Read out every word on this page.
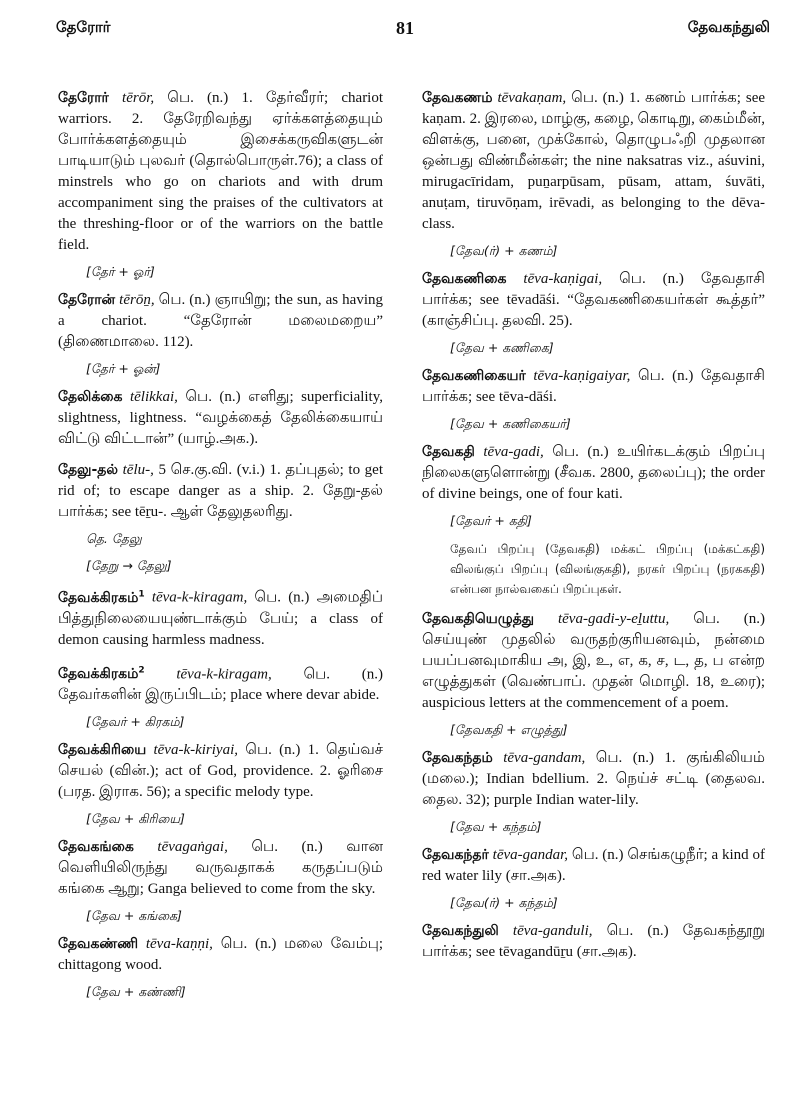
தேரோர்	81	தேவகந்துலி

தேரோர் tērōr, பெ. (n.) 1. தேர்வீரர்; chariot warriors. 2. தேரேறிவந்து ஏர்க்களத்தையும் போர்க்களத்தையும் இசைக்கருவிகளுடன் பாடியாடும் புலவர் (தொல்பொருள்.76); a class of minstrels who go on chariots and with drum accompaniment sing the praises of the cultivators at the threshing-floor or of the warriors on the battle field.

[தேர் + ஓர்]

தேரோன் tērōṉ, பெ. (n.) ஞாயிறு; the sun, as having a chariot. “தேரோன் மலைமறைய” (திணைமாலை. 112).

[தேர் + ஓன்]

தேலிக்கை tēlikkai, பெ. (n.) எளிது; superficiality, slightness, lightness. “வழக்கைத் தேலிக்கையாய் விட்டு விட்டான்” (யாழ்.அக.).

தேலு-தல் tēlu-, 5 செ.கு.வி. (v.i.) 1. தப்புதல்; to get rid of; to escape danger as a ship. 2. தேறு-தல் பார்க்க; see tēṟu-. ஆள் தேலுதலரிது.

தெ. தேலு
[தேறு → தேலு]

தேவக்கிரகம்$^1$ tēva-k-kiragam, பெ. (n.) அமைதிப் பித்துநிலையையுண்டாக்கும் பேய்; a class of demon causing harmless madness.

தேவக்கிரகம்$^2$ tēva-k-kiragam, பெ. (n.) தேவர்களின் இருப்பிடம்; place where devar abide.

[தேவர் + கிரகம்]

தேவக்கிரியை tēva-k-kiriyai, பெ. (n.) 1. தெய்வச் செயல் (வின்.); act of God, providence. 2. ஓரிசை (பரத. இராக. 56); a specific melody type.

[தேவ + கிரியை]

தேவகங்கை tēvagaṅgai, பெ. (n.) வான வெளியிலிருந்து வருவதாகக் கருதப்படும் கங்கை ஆறு; Ganga believed to come from the sky.

[தேவ + கங்கை]

தேவகண்ணி tēva-kaṇṇi, பெ. (n.) மலை வேம்பு; chittagong wood.

[தேவ + கண்ணி]

தேவகணம் tēvakaṇam, பெ. (n.) 1. கணம் பார்க்க; see kaṇam. 2. இரலை, மாழ்கு, கழை, கொடிறு, கைம்மீன், விளக்கு, பனை, முக்கோல், தொழுபஃறி முதலான ஒன்பது விண்மீன்கள்; the nine naksatras viz., aśuvini, mirugacīridam, puṉarpūsam, pūsam, attam, śuvāti, anuṭam, tiruvōṇam, irēvadi, as belonging to the dēva-class.

[தேவ(ர்) + கணம்]

தேவகணிகை tēva-kaṇigai, பெ. (n.) தேவதாசி பார்க்க; see tēvadāśi. “தேவகணிகையர்கள் கூத்தர்” (காஞ்சிப்பு. தலவி. 25).

[தேவ + கணிகை]

தேவகணிகையர் tēva-kaṇigaiyar, பெ. (n.) தேவதாசி பார்க்க; see tēva-dāśi.

[தேவ + கணிகையர்]

தேவகதி tēva-gadi, பெ. (n.) உயிர்கடக்கும் பிறப்பு நிலைகளுளொன்று (சீவக. 2800, தலைப்பு); the order of divine beings, one of four kati.

[தேவர் + கதி]
தேவப் பிறப்பு (தேவகதி) மக்கட் பிறப்பு (மக்கட்கதி) விலங்குப் பிறப்பு (விலங்குகதி), நரகர் பிறப்பு (நரககதி) என்பன நால்வகைப் பிறப்புகள்.

தேவகதியெழுத்து tēva-gadi-y-eḻuttu, பெ. (n.) செய்யுண் முதலில் வருதற்குரியனவும், நன்மை பயப்பனவுமாகிய அ, இ, உ, எ, க, ச, ட, த, ப என்ற எழுத்துகள் (வெண்பாப். முதன் மொழி. 18, உரை); auspicious letters at the commencement of a poem.

[தேவகதி + எழுத்து]

தேவகந்தம் tēva-gandam, பெ. (n.) 1. குங்கிலியம் (மலை.); Indian bdellium. 2. நெய்ச் சட்டி (தைலவ. தைல. 32); purple Indian water-lily.

[தேவ + கந்தம்]

தேவகந்தர் tēva-gandar, பெ. (n.) செங்கழுநீர்; a kind of red water lily (சா.அக).

[தேவ(ர்) + கந்தம்]

தேவகந்துலி tēva-ganduli, பெ. (n.) தேவகந்தூறு பார்க்க; see tēvagandūṟu (சா.அக).
